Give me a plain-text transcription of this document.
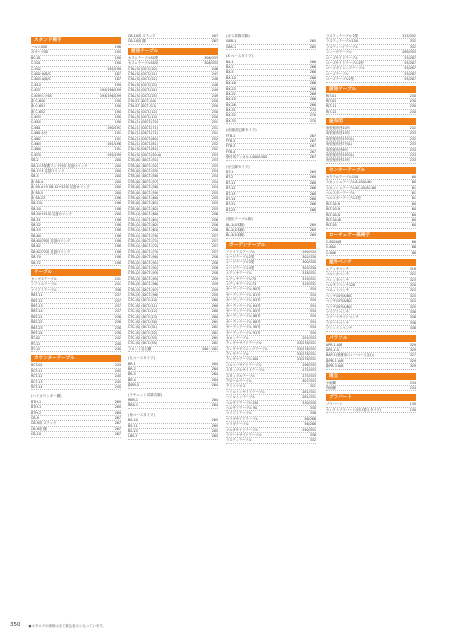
スタンド椅子
ハルニSSK	196
ポザーグSK	195
BC-01	190
C-501	190
C-502	195/199
C-602 A/B/C	187
C-603 A/B/C	187
C-610	199
C-637	194/196/199
C-639スツSK	194/196/199
新 C-650	190
新 C-651	190
新 C-652	190
C-653	190
C-654	190
C-661	190/191
C-661ネ付	191
C-662	191
C-663	191/196
C-664	191
C-670	192/199
SB-2	200
SB-2+3保護リング付用 足掛けリング	200
SB-2+3 足掛けリング	200
SB-3	200
新 SB-4	200
新 SB-4+5 SB-52+53用 足掛けリング	200
新 SB-5	200
新 SB-23	196
SB-23L	196
SB-50	198
SB-50+51用 足掛けリング	200
SB-51	198
SB-52	198
SB-53	198
SB-60	198
SB-60/70用 足掛けリング	198
SB-62	198
SB-62/72用 足掛けリング	198
SB-70	198
SB-72	198
テーブル
カンザステーブル	241
シアトルテーブル	241
マイアミテーブル	336
RBT-11	237
RBT-12	237
RBT-13	237
RBT-14	237
RBT-21	238
RBT-22	238
RBT-23	238
RBT-24	238
RT-02	242
RT-11	240
RT-12	240
カウンターテーブル
RCT-02	243
RCT-11	245
RCT-12	245
RCT-13	245
RCT-14	245
(ハイカウンター棚)
BTH-1	269
BTH-1	269
BTH-2	269
CB-9	267
CB-9用 ステップ	267
CB-9用 棚	267
CB-10	267
CB-10用 ステップ	267
CB-10用 棚	267
厨房テーブル
カフェテーブルSS型	306/333
カフェテーブルSS用	306/333
CTA-(S) (DCT-(20)	246
CTA-(S) (DCT-(21)	247
CTA-(S) (DCT-(22)	248
CTA-(S) (DCT-(23)	248
CTA-(S) (DCT-(24)	249
CTA-(S) (DCT-(25)	249
CTA-ST (DCT-(10)	250
CTA-ST (DCT-(11)	250
CTA-(S) (DCT-(12)	250
CTA-(S) (DCT-(13)	250
CTA-(1) (DICT-(70)	251
CTA-(1) (DICT-(71)	251
CTA-(1) (DICT-(72)	251
CTA-(1) (DICT-(80)	252
CTA-(1) (DICT-(81)	252
CTA-(S) (DICT-(82)	252
CTA-(S) (DICT-(50-A)	253
CTB-(0) (DICT-(51)	253
CTB-(0) (DICT-(52)	253
CTB-(0) (DICT-(55)	254
CTB-(0) (DICT-(56)	254
CTB-(0) (DICT-(57)	254
CTB-(0) (DICT-(58)	254
CTB-(0) (DICT-(59)	255
CTB-(0) (DICT-(60)	255
CTB-(0) (DICT-(61)	255
CTB-(0) (DICT-(62)	255
CTB-(1) (DICT-(60)	256
CTB-(1) (DICT-(61)	256
CTB-(1) (DICT-(62)	256
CTB-(1) (DICT-(63)	256
CTB-(1) (DICT-(70)	257
CTB-(1) (DICT-(71)	257
CTB-(1) (DICT-(72)	257
CTB-(1) (DICT-(73)	257
CTB-(2) (DICT-(90)	258
CTB-(2) (DICT-(91)	258
CTB-(2) (DICT-(92)	258
CTB-(2) (DICT-(93)	258
CTB-(3) (DICT-(95)	259
CTB-(3) (DICT-(96)	259
CTB-(3) (DICT-(97)	259
CTB-(3) (DICT-(98)	259
CTC-(S) (DCT-(10)	260
CTC-(S) (DCT-(11)	260
CTC-(S) (DCT-(12)	260
CTC-(S) (DCT-(13)	260
CTC-(S) (DCT-(50)	261
CTC-(S) (DCT-(51)	261
CTC-(S) (DCT-(52)	261
CTC-(S) (DCT-(53)	261
CTC-(S) (DCT-(55)	261
フロント各台棚	280〜281
(丸ベースタイプ)
BR-1	264
BR-2	264
BR-3	264
BR-4	264
新BR-5	264
(ラチェット昇降式脚)
RBR-1	264
RBX-1	264
(角ベースタイプ)
BS-10	265
BS-11	265
BS-25	265
LBS-3	265
(ガス昇降式脚)
GBR-1	265
GBS-1	265
(X ベースタイプ)
BX-1	266
BX-2	266
BX-5	266
BX-10	266
BX-16	266
BX-23	266
BX-22	266
BX-25	266
BX-26	266
BX-31	270
BX-32	270
BX-33	270
(床面固定脚タイプ)
FTB-1	267
FTB-2	267
FTB-3	267
FTB-4	267
壁付用アンカル L400/L500	267
(付立脚タイプ)
BT-1	269
BT-2	269
BT-11	268
BT-12	268
BT-13	268
BT-14	268
BT-31	268
BT-22	268
(強化テーブル脚)
BL-1(4本脚)	269
BL-2(4本脚)	269
BL-3(4本脚)	269
ガーデンテーブル
アドリアステーブル	299/333
エーゲテーブル2型	302/330
エーゲテーブル3型	300/330
エーゲテーブル4型	303/330
エデッサテーブル	318/331
エデッサテーブル75	319/331
エデッサテーブル75	319/331
ガーデンテーブル 80号	334
ガーデンテーブル 81号	334
ガーデンテーブル 83号	334
ガーデンテーブル 84号	334
ガーデンテーブル 85号	334
ガーデンテーブル 86号	334
ガーデンテーブル 88号	334
ガーデンテーブル 90号	334
ガーデンテーブル 91号	334
カロンテーブル	291/333
クレモナサイドテーブル	53/278/331
クレモナダイニングテーブル	53/278/331
クレモテーブル	53/278/331
クレモナテーブル100	53/278/331
コルトバサイドテーブル	296/333
スタッグルサイドテーブル	275/333
スタッグルテーブル	275/333
デポールテーブル	307/333
デミトリオス	321
ハミルトンサイドテーブル	281/331
ハミルトンテーブル	281/331
ベルモアテーブル150	330/330
ベルモアテーブル 90	330
マイアミテーブル	336
マラガサイドテーブル	56/288
マラガテーブル	56/288
マルタサイドテーブル	290/331
ラグーナサイドテーブル	336
ラスティテーブル	332
ラスティテーブル 2型	315/332
ラスティテーブル150	332
ラスティハイテーブル	332
リノーザテーブル	289/333
ローズサイドテーブル	55/287
ローズサイドテーブル2型	55/287
ローズダイニングテーブル	55/287
ローズテーブル	55/287
ローズテーブル2型	55/287
厨房テーブル
RJT-01	230
RJT-02	230
RJT-11	230
RJT-12	230
座布団
角型座布団10号	232
角型座布団15号	233
角型座布団15号(L)	232
角型座布団7号(L)	233
角型座布団8号	233
角型座布団10号(L)	233
角型座布団15号	233
センターテーブル
カクテルテーブル150	60
スカッシュテーブルA-45/A-60	60
スカッシュテーブルAC-45/AC-60	61
ベルスターテーブル	61
ベルスターテーブル2型	61
RLT-02-N	60
RLT-03-N	60
RLT-04-N	60
RLT-04-W	60
RLT-05	60
ローチェアー高椅子
C-802A/B	66
C-804	66
C-806	66
屋外ベンチ
エデッサベンチ	318
コルシカベンチ	322
パレッタベンチ	323
ベルモアベンチ120	320
ベネットベンチ	323
ベンチ10号A/B/C	325
ベンチ15号A/B/C	325
ベンチ20号A/B/C	325
マイアミベンチ	336
ラグーナサイドベンチ	336
ラグーナベンチ	336
ワシントンベンチ	336
パラソル
APR-1 A/B	329
APS-1 A	329
BAP-1(業務用パレーベース含む)	327
新PB-1 A/B	329
新PB-3 A/B	329
雨立
小雨脚	234
肉雨脚	234
ブラバート
ブラバート	130
セレクトブラバート(付け替えタイプ)	130
350 ●カタログの価格は全て税込表示となっています。
